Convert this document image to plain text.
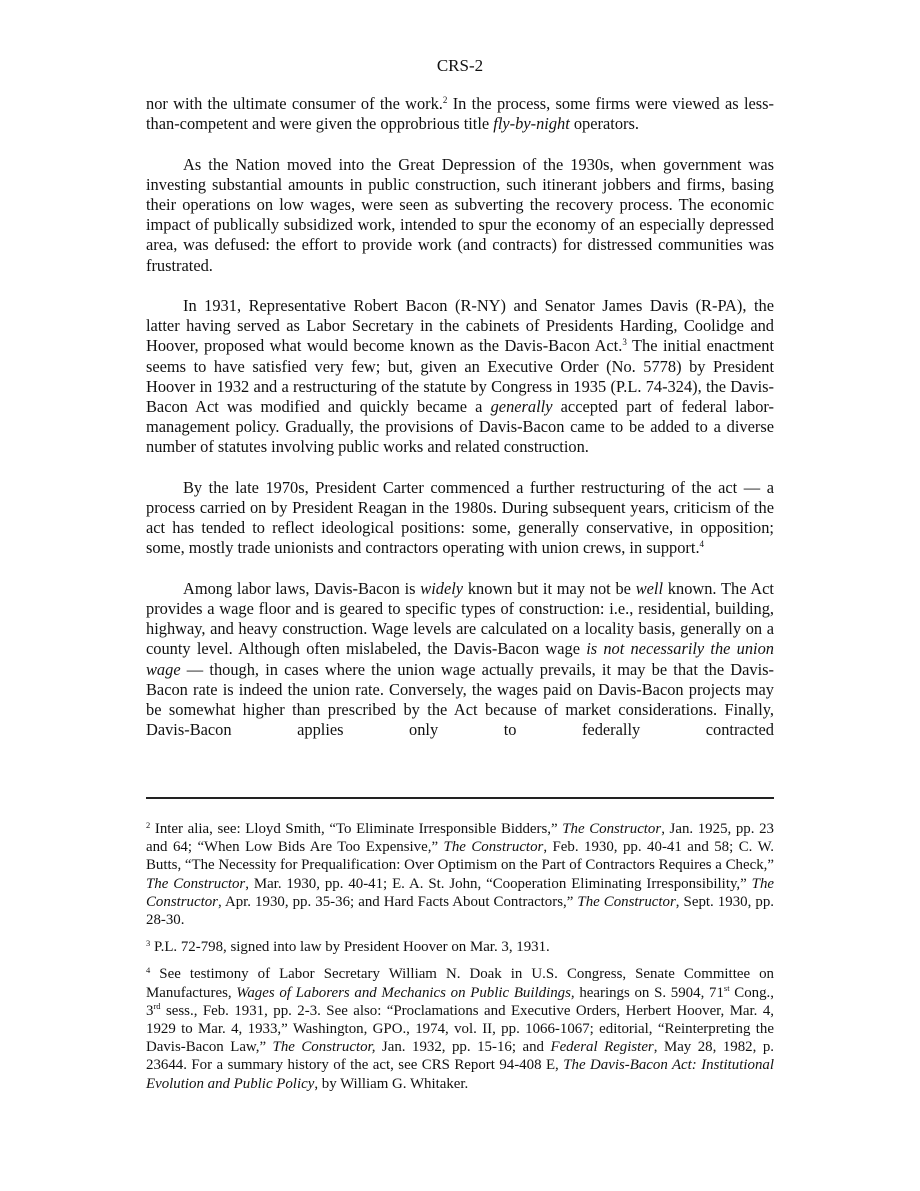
CRS-2

nor with the ultimate consumer of the work.$^2$ In the process, some firms were viewed as less-than-competent and were given the opprobrious title fly-by-night operators.

As the Nation moved into the Great Depression of the 1930s, when government was investing substantial amounts in public construction, such itinerant jobbers and firms, basing their operations on low wages, were seen as subverting the recovery process. The economic impact of publically subsidized work, intended to spur the economy of an especially depressed area, was defused: the effort to provide work (and contracts) for distressed communities was frustrated.

In 1931, Representative Robert Bacon (R-NY) and Senator James Davis (R-PA), the latter having served as Labor Secretary in the cabinets of Presidents Harding, Coolidge and Hoover, proposed what would become known as the Davis-Bacon Act.$^3$ The initial enactment seems to have satisfied very few; but, given an Executive Order (No. 5778) by President Hoover in 1932 and a restructuring of the statute by Congress in 1935 (P.L. 74-324), the Davis-Bacon Act was modified and quickly became a generally accepted part of federal labor-management policy. Gradually, the provisions of Davis-Bacon came to be added to a diverse number of statutes involving public works and related construction.

By the late 1970s, President Carter commenced a further restructuring of the act — a process carried on by President Reagan in the 1980s. During subsequent years, criticism of the act has tended to reflect ideological positions: some, generally conservative, in opposition; some, mostly trade unionists and contractors operating with union crews, in support.$^4$

Among labor laws, Davis-Bacon is widely known but it may not be well known. The Act provides a wage floor and is geared to specific types of construction: i.e., residential, building, highway, and heavy construction. Wage levels are calculated on a locality basis, generally on a county level. Although often mislabeled, the Davis-Bacon wage is not necessarily the union wage — though, in cases where the union wage actually prevails, it may be that the Davis-Bacon rate is indeed the union rate. Conversely, the wages paid on Davis-Bacon projects may be somewhat higher than prescribed by the Act because of market considerations. Finally, Davis-Bacon applies only to federally contracted

$^2$ Inter alia, see: Lloyd Smith, “To Eliminate Irresponsible Bidders,” The Constructor, Jan. 1925, pp. 23 and 64; “When Low Bids Are Too Expensive,” The Constructor, Feb. 1930, pp. 40-41 and 58; C. W. Butts, “The Necessity for Prequalification: Over Optimism on the Part of Contractors Requires a Check,” The Constructor, Mar. 1930, pp. 40-41; E. A. St. John, “Cooperation Eliminating Irresponsibility,” The Constructor, Apr. 1930, pp. 35-36; and Hard Facts About Contractors,” The Constructor, Sept. 1930, pp. 28-30.

$^3$ P.L. 72-798, signed into law by President Hoover on Mar. 3, 1931.

$^4$ See testimony of Labor Secretary William N. Doak in U.S. Congress, Senate Committee on Manufactures, Wages of Laborers and Mechanics on Public Buildings, hearings on S. 5904, 71st Cong., 3rd sess., Feb. 1931, pp. 2-3. See also: “Proclamations and Executive Orders, Herbert Hoover, Mar. 4, 1929 to Mar. 4, 1933,” Washington, GPO., 1974, vol. II, pp. 1066-1067; editorial, “Reinterpreting the Davis-Bacon Law,” The Constructor, Jan. 1932, pp. 15-16; and Federal Register, May 28, 1982, p. 23644. For a summary history of the act, see CRS Report 94-408 E, The Davis-Bacon Act: Institutional Evolution and Public Policy, by William G. Whitaker.
